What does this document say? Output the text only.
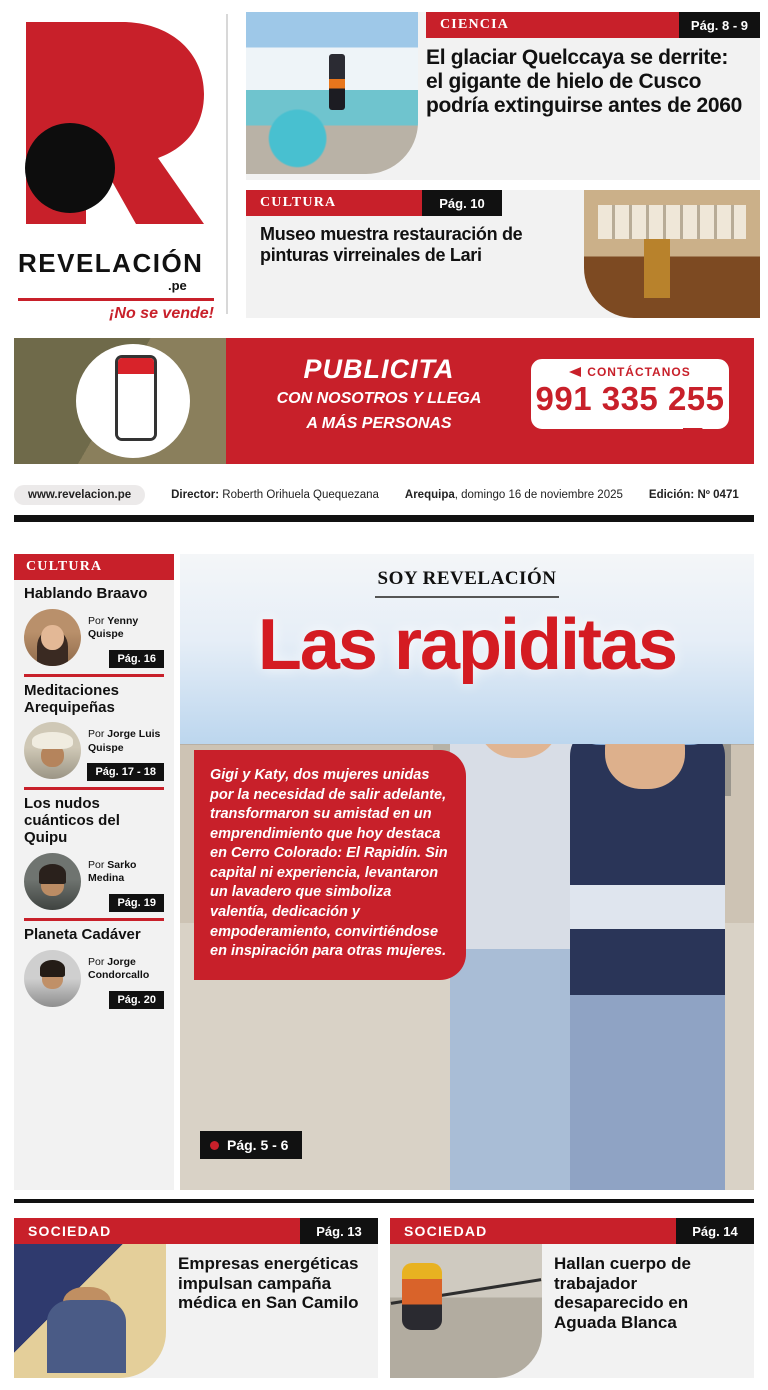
REVELACIÓN
.pe
¡No se vende!
CIENCIA	Pág. 8 - 9
El glaciar Quelccaya se derrite: el gigante de hielo de Cusco podría extinguirse antes de 2060
CULTURA	Pág. 10
Museo muestra restauración de pinturas virreinales de Lari
PUBLICITA
CON NOSOTROS Y LLEGA
A MÁS PERSONAS
CONTÁCTANOS
991 335 255
www.revelacion.pe	Director: Roberth Orihuela Quequezana Arequipa, domingo 16 de noviembre 2025 Edición: Nº 0471
CULTURA
Hablando Braavo
Por Yenny Quispe
Pág. 16
Meditaciones Arequipeñas
Por Jorge Luis Quispe
Pág. 17 - 18
Los nudos cuánticos del Quipu
Por Sarko Medina
Pág. 19
Planeta Cadáver
Por Jorge Condorcallo
Pág. 20
SOY REVELACIÓN
Las rapiditas
Gigi y Katy, dos mujeres unidas por la necesidad de salir adelante, transformaron su amistad en un emprendimiento que hoy destaca en Cerro Colorado: El Rapidín. Sin capital ni experiencia, levantaron un lavadero que simboliza valentía, dedicación y empoderamiento, convirtiéndose en inspiración para otras mujeres.
Pág. 5 - 6
SOCIEDAD	Pág. 13
Empresas energéticas impulsan campaña médica en San Camilo
SOCIEDAD	Pág. 14
Hallan cuerpo de trabajador desaparecido en Aguada Blanca
